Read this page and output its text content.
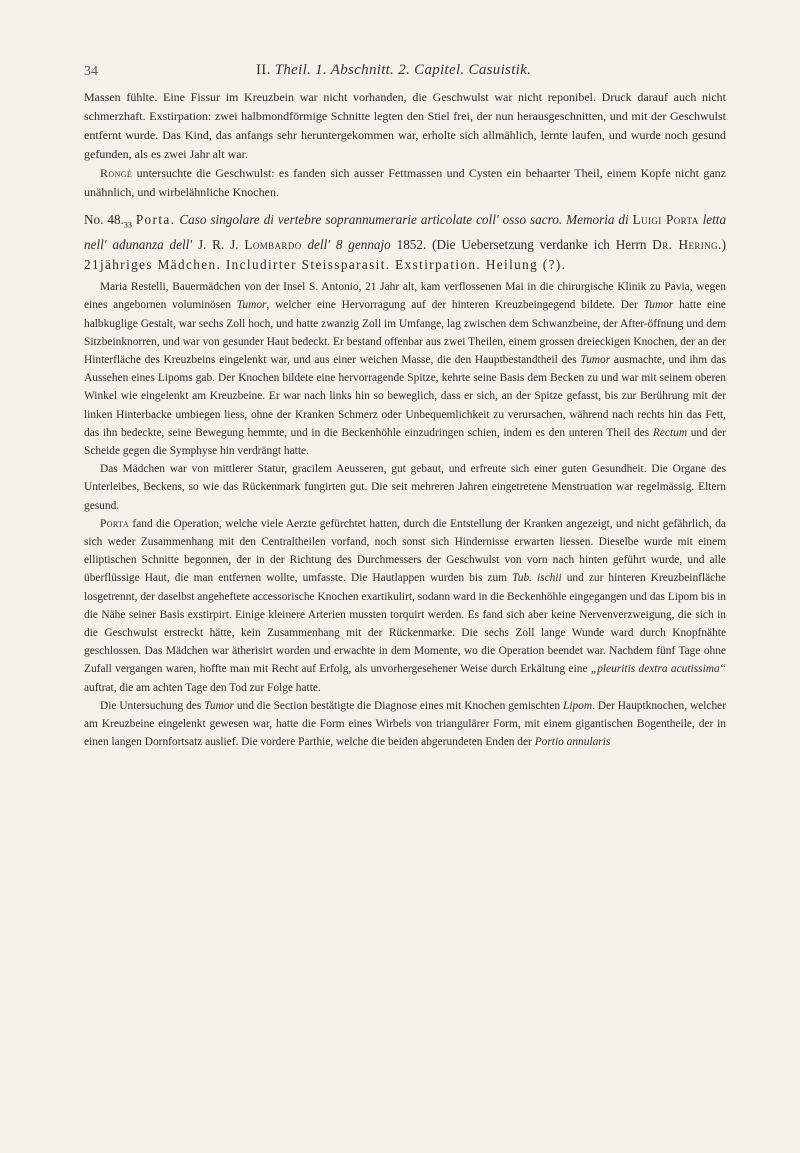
34	II. Theil. 1. Abschnitt. 2. Capitel. Casuistik.

Massen fühlte. Eine Fissur im Kreuzbein war nicht vorhanden, die Geschwulst war nicht reponibel. Druck darauf auch nicht schmerzhaft. Exstirpation: zwei halbmondförmige Schnitte legten den Stiel frei, der nun herausgeschnitten, und mit der Geschwulst entfernt wurde. Das Kind, das anfangs sehr heruntergekommen war, erholte sich allmählich, lernte laufen, und wurde noch gesund gefunden, als es zwei Jahr alt war.

Rongé untersuchte die Geschwulst: es fanden sich ausser Fettmassen und Cysten ein behaarter Theil, einem Kopfe nicht ganz unähnlich, und wirbelähnliche Knochen.

No. $48._{33}$ Porta. Caso singolare di vertebre soprannumerarie articolate coll' osso sacro. Memoria di Luigi Porta letta nell' adunanza dell' J. R. J. Lombardo dell' 8 gennajo 1852. (Die Uebersetzung verdanke ich Herrn Dr. Hering.) 21jähriges Mädchen. Includirter Steissparasit. Exstirpation. Heilung (?).

Maria Restelli, Bauermädchen von der Insel S. Antonio, 21 Jahr alt, kam verflossenen Mai in die chirurgische Klinik zu Pavia, wegen eines angebornen voluminösen Tumor, welcher eine Hervorragung auf der hinteren Kreuzbeingegend bildete. Der Tumor hatte eine halbkuglige Gestalt, war sechs Zoll hoch, und hatte zwanzig Zoll im Umfange, lag zwischen dem Schwanzbeine, der After-öffnung und dem Sitzbeinknorren, und war von gesunder Haut bedeckt. Er bestand offenbar aus zwei Theilen, einem grossen dreieckigen Knochen, der an der Hinterfläche des Kreuzbeins eingelenkt war, und aus einer weichen Masse, die den Hauptbestandtheil des Tumor ausmachte, und ihm das Aussehen eines Lipoms gab. Der Knochen bildete eine hervorragende Spitze, kehrte seine Basis dem Becken zu und war mit seinem oberen Winkel wie eingelenkt am Kreuzbeine. Er war nach links hin so beweglich, dass er sich, an der Spitze gefasst, bis zur Berührung mit der linken Hinterbacke umbiegen liess, ohne der Kranken Schmerz oder Unbequemlichkeit zu verursachen, während nach rechts hin das Fett, das ihn bedeckte, seine Bewegung hemmte, und in die Beckenhöhle einzudringen schien, indem es den unteren Theil des Rectum und der Scheide gegen die Symphyse hin verdrängt hatte.

Das Mädchen war von mittlerer Statur, gracilem Aeusseren, gut gebaut, und erfreute sich einer guten Gesundheit. Die Organe des Unterleibes, Beckens, so wie das Rückenmark fungirten gut. Die seit mehreren Jahren eingetretene Menstruation war regelmässig. Eltern gesund.

Porta fand die Operation, welche viele Aerzte gefürchtet hatten, durch die Entstellung der Kranken angezeigt, und nicht gefährlich, da sich weder Zusammenhang mit den Centraltheilen vorfand, noch sonst sich Hindernisse erwarten liessen. Dieselbe wurde mit einem elliptischen Schnitte begonnen, der in der Richtung des Durchmessers der Geschwulst von vorn nach hinten geführt wurde, und alle überflüssige Haut, die man entfernen wollte, umfasste. Die Hautlappen wurden bis zum Tub. ischii und zur hinteren Kreuzbeinfläche losgetrennt, der daselbst angeheftete accessorische Knochen exartikulirt, sodann ward in die Beckenhöhle eingegangen und das Lipom bis in die Nähe seiner Basis exstirpirt. Einige kleinere Arterien mussten torquirt werden. Es fand sich aber keine Nervenverzweigung, die sich in die Geschwulst erstreckt hätte, kein Zusammenhang mit der Rückenmarke. Die sechs Zoll lange Wunde ward durch Knopfnähte geschlossen. Das Mädchen war ätherisirt worden und erwachte in dem Momente, wo die Operation beendet war. Nachdem fünf Tage ohne Zufall vergangen waren, hoffte man mit Recht auf Erfolg, als unvorhergesehener Weise durch Erkältung eine „pleuritis dextra acutissima“ auftrat, die am achten Tage den Tod zur Folge hatte.

Die Untersuchung des Tumor und die Section bestätigte die Diagnose eines mit Knochen gemischten Lipom. Der Hauptknochen, welcher am Kreuzbeine eingelenkt gewesen war, hatte die Form eines Wirbels von triangulärer Form, mit einem gigantischen Bogentheile, der in einen langen Dornfortsatz auslief. Die vordere Parthie, welche die beiden abgerundeten Enden der Portio annularis
